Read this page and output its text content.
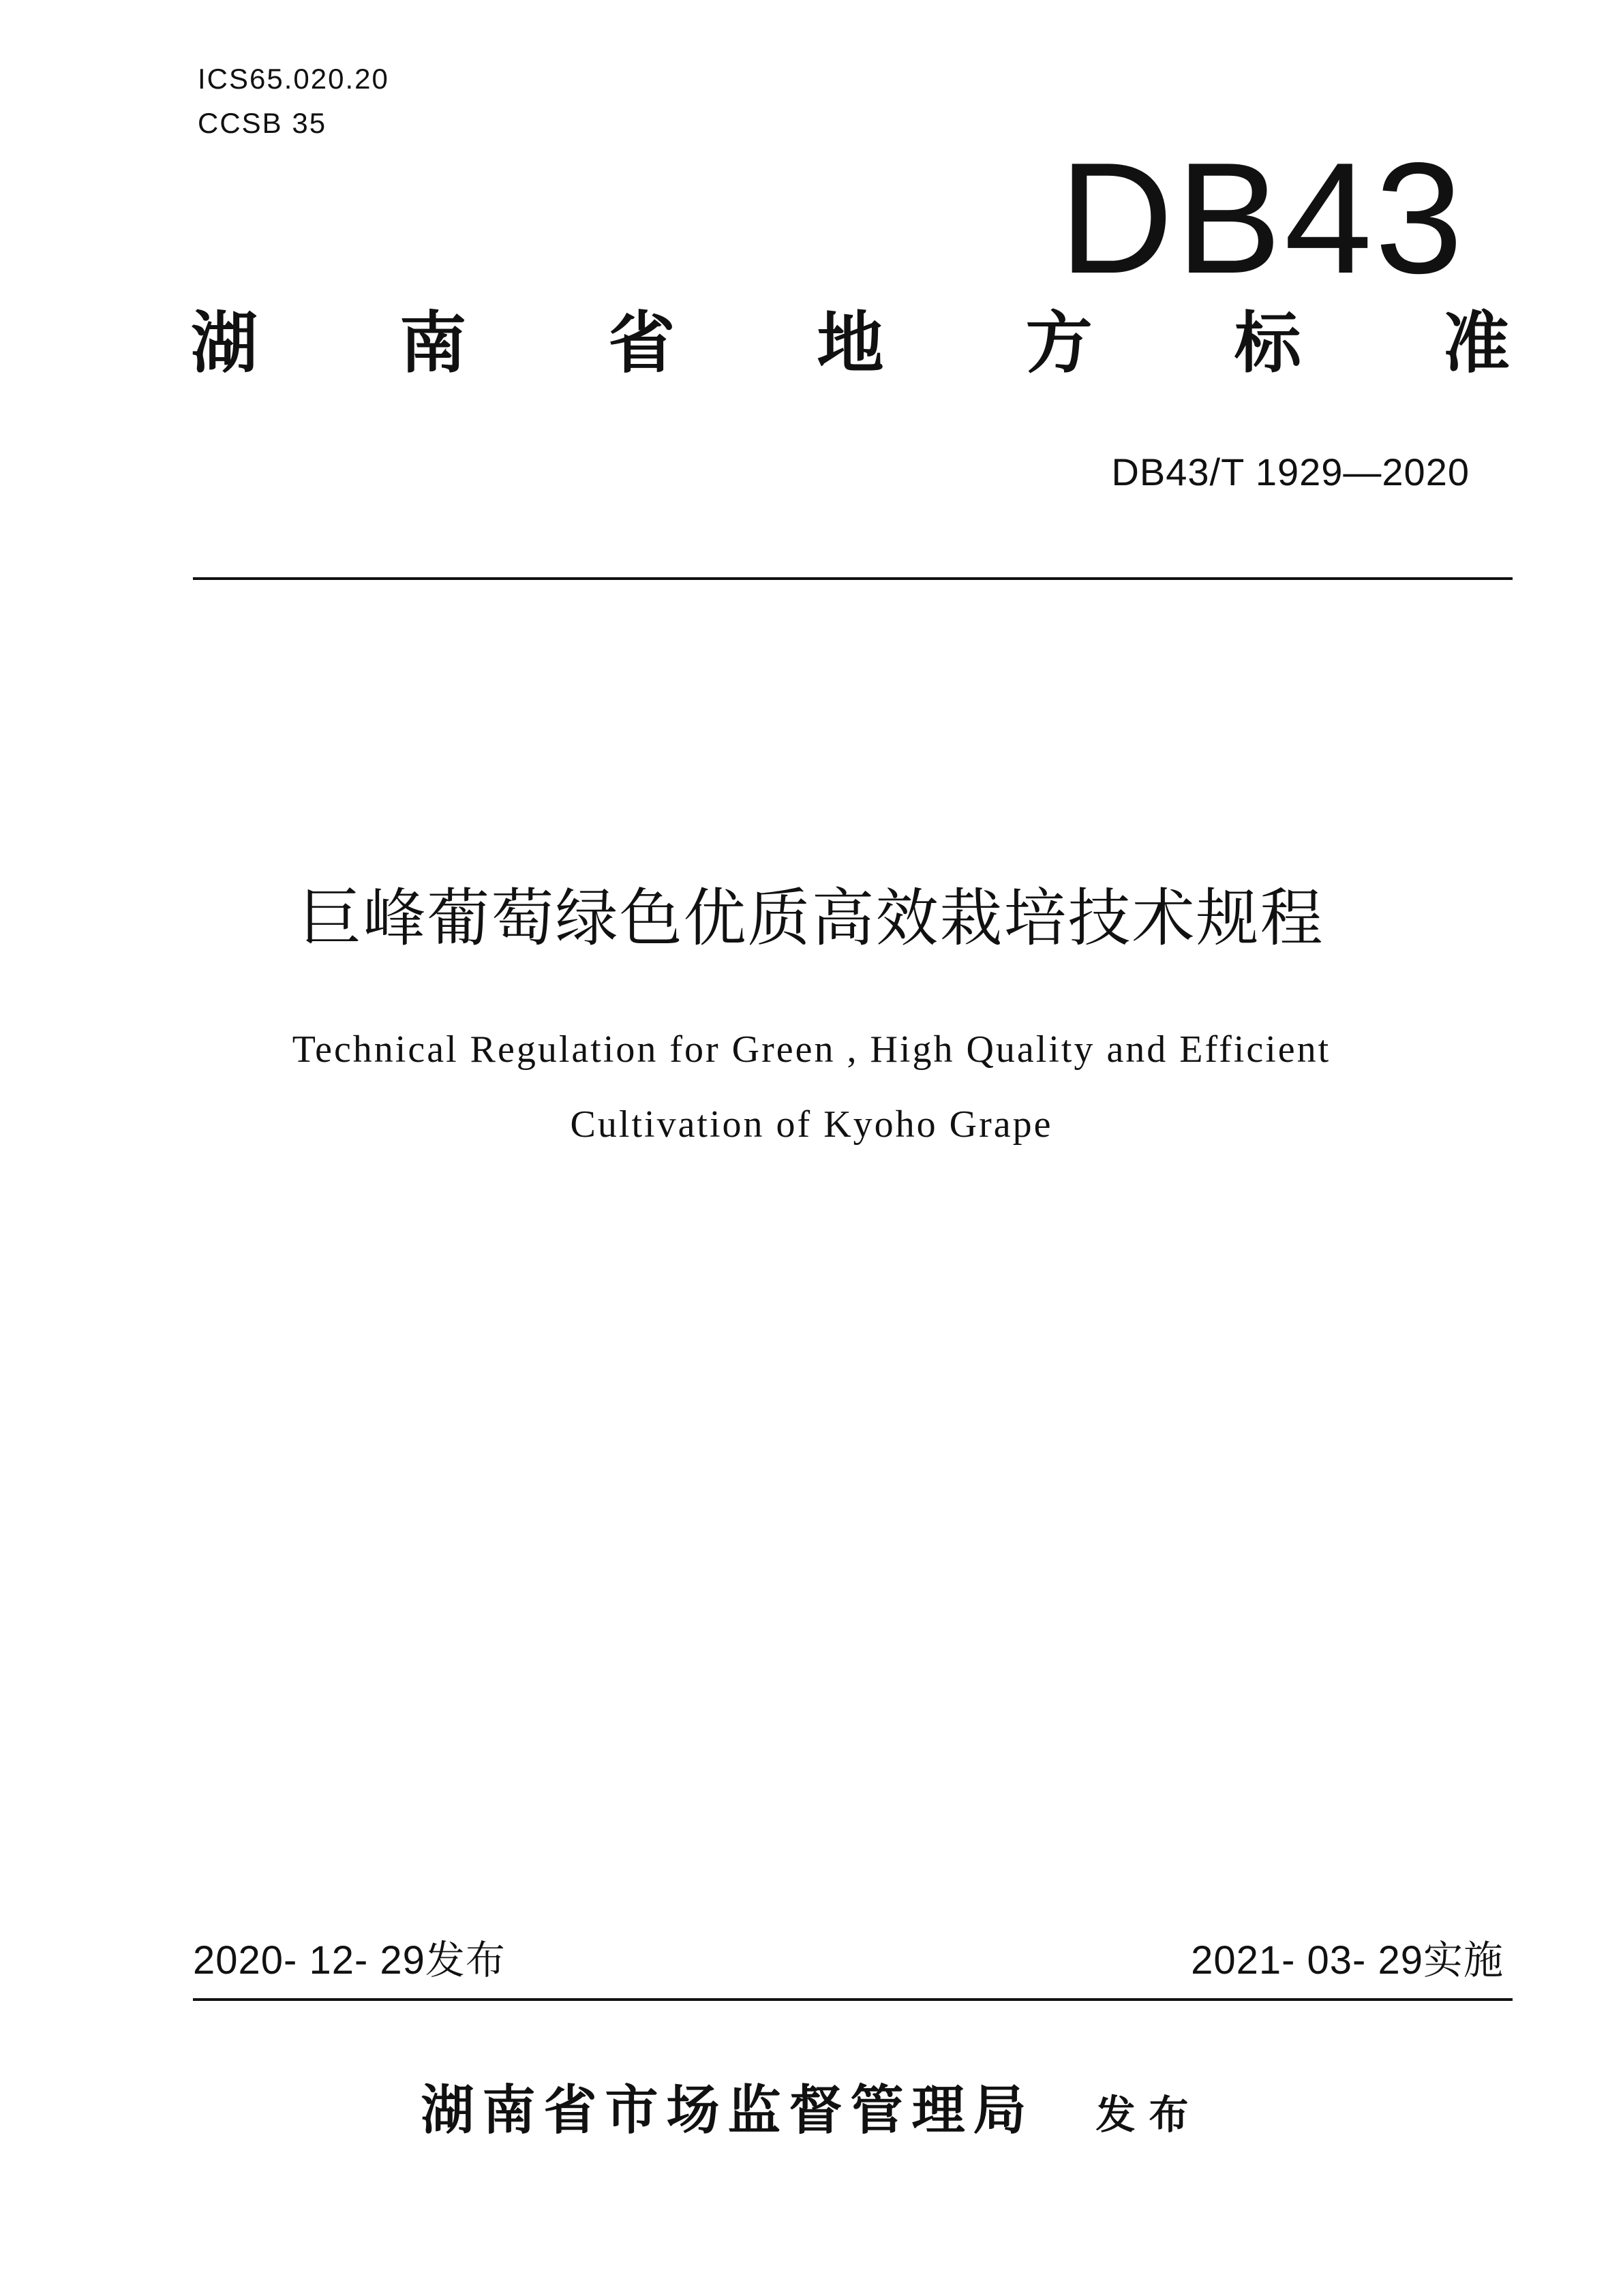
ICS65.020.20
CCSB 35
DB43
湖 南 省 地 方 标 准
DB43/T 1929—2020
巨峰葡萄绿色优质高效栽培技术规程
Technical Regulation for Green , High Quality and Efficient
Cultivation of Kyoho Grape
2020- 12- 29发布	2021- 03- 29实施
湖南省市场监督管理局 发布
